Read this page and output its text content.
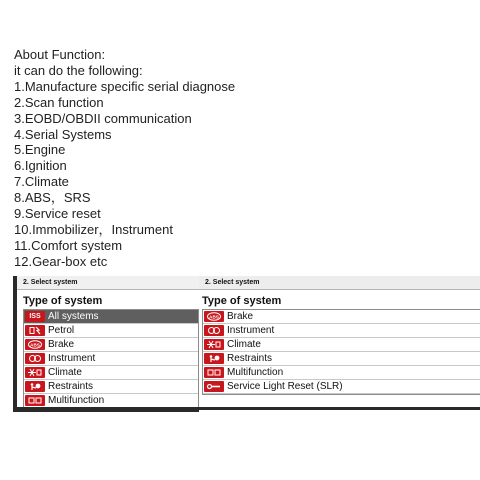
About Function:
it can do the following:
1.Manufacture specific serial diagnose
2.Scan function
3.EOBD/OBDII communication
4.Serial Systems
5.Engine
6.Ignition
7.Climate
8.ABS，SRS
9.Service reset
10.Immobilizer，Instrument
11.Comfort system
12.Gear-box etc
2. Select system
Type of system
ISS All systems
Petrol
ABS Brake
Instrument
Climate
Restraints
Multifunction
2. Select system
Type of system
ABS Brake
Instrument
Climate
Restraints
Multifunction
Service Light Reset (SLR)
